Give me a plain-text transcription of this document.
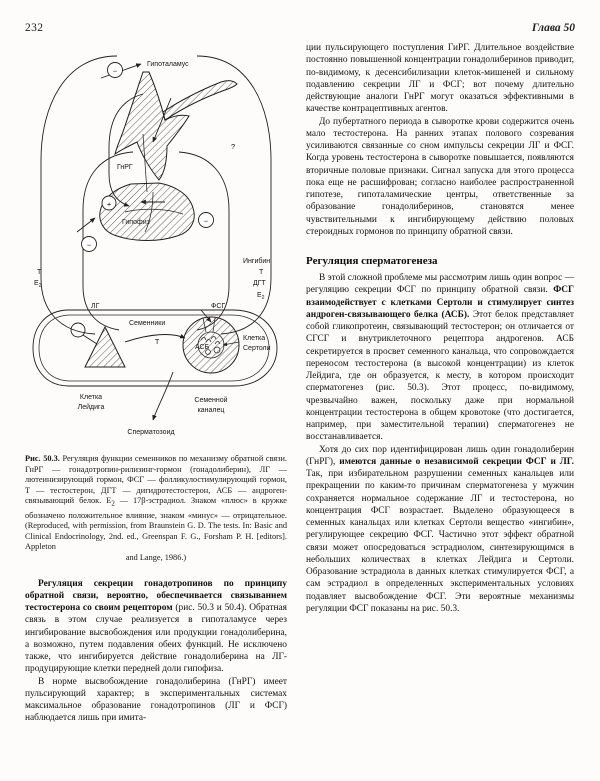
232	Глава 50
−
+
−
−
Гипоталамус
ГнРГ
Гипофиз
?
Т
$E_2$
Ингибин
Т
ДГТ
$E_2$
ЛГ	ФСГ
Семенники
Т
Клетка
Лейдига
Клетка
Сертоли
АСБ
Семенной
каналец
Сперматозоид
Рис. 50.3. Регуляция функции семенников по механизму обратной связи. ГнРГ — гонадотропин-рилизинг-гормон (гонадолиберин), ЛГ — лютеинизирующий гормон, ФСГ — фолликулостимулирующий гормон, Т — тестостерон, ДГТ — дигидротестостерон, АСБ — андроген-связывающий белок. $Е_2$ — 17β-эстрадиол. Знаком «плюс» в кружке обозначено положительное влияние, знаком «минус» — отрицательное. (Reproduced, with permission, from Braunstein G. D. The tests. In: Basic and Clinical Endocrinology, 2nd. ed., Greenspan F. G., Forsham P. H. [editors]. Appleton
and Lange, 1986.)

Регуляция секреции гонадотропинов по принципу обратной связи, вероятно, обеспечивается связыванием тестостерона со своим рецептором (рис. 50.3 и 50.4). Обратная связь в этом случае реализуется в гипоталамусе через ингибирование высвобождения или продукции гонадолиберина, а возможно, путем подавления обеих функций. Не исключено также, что ингибируется действие гонадолиберина на ЛГ-продуцирующие клетки передней доли гипофиза.

В норме высвобождение гонадолиберина (ГнРГ) имеет пульсирующий характер; в экспериментальных системах максимальное образование гонадотропинов (ЛГ и ФСГ) наблюдается лишь при имита-

ции пульсирующего поступления ГиРГ. Длительное воздействие постоянно повышенной концентрации гонадолиберинов приводит, по-видимому, к десенсибилизации клеток-мишеней и сильному подавлению секреции ЛГ и ФСГ; вот почему длительно действующие аналоги ГнРГ могут оказаться эффективными в качестве контрацептивных агентов.

До пубертатного периода в сыворотке крови содержится очень мало тестостерона. На ранних этапах полового созревания усиливаются связанные со сном импульсы секреции ЛГ и ФСГ. Когда уровень тестостерона в сыворотке повышается, появляются вторичные половые признаки. Сигнал запуска для этого процесса пока еще не расшифрован; согласно наиболее распространенной гипотезе, гипоталамические центры, ответственные за образование гонадолиберинов, становятся менее чувствительными к ингибирующему действию половых стероидных гормонов по принципу обратной связи.

Регуляция сперматогенеза

В этой сложной проблеме мы рассмотрим лишь один вопрос — регуляцию секреции ФСГ по принципу обратной связи. ФСГ взаимодействует с клетками Сертоли и стимулирует синтез андроген-связывающего белка (АСБ). Этот белок представляет собой гликопротеин, связывающий тестостерон; он отличается от СГСГ и внутриклеточного рецептора андрогенов. АСБ секретируется в просвет семенного канальца, что сопровождается переносом тестостерона (в высокой концентрации) из клеток Лейдига, где он образуется, к месту, в котором происходит сперматогенез (рис. 50.3). Этот процесс, по-видимому, чрезвычайно важен, поскольку даже при нормальной концентрации тестостерона в общем кровотоке (что достигается, например, при заместительной терапии) сперматогенез не восстанавливается.

Хотя до сих пор идентифицирован лишь один гонадолиберин (ГнРГ), имеются данные о независимой секреции ФСГ и ЛГ. Так, при избирательном разрушении семенных канальцев или прекращении по каким-то причинам сперматогенеза у мужчин сохраняется нормальное содержание ЛГ и тестостерона, но концентрация ФСГ возрастает. Выделено образующееся в семенных канальцах или клетках Сертоли вещество «ингибин», регулирующее секрецию ФСГ. Частично этот эффект обратной связи может опосредоваться эстрадиолом, синтезирующимся в небольших количествах в клетках Лейдига и Сертоли. Образование эстрадиола в данных клетках стимулируется ФСГ, а сам эстрадиол в определенных экспериментальных условиях подавляет высвобождение ФСГ. Эти вероятные механизмы регуляции ФСГ показаны на рис. 50.3.
